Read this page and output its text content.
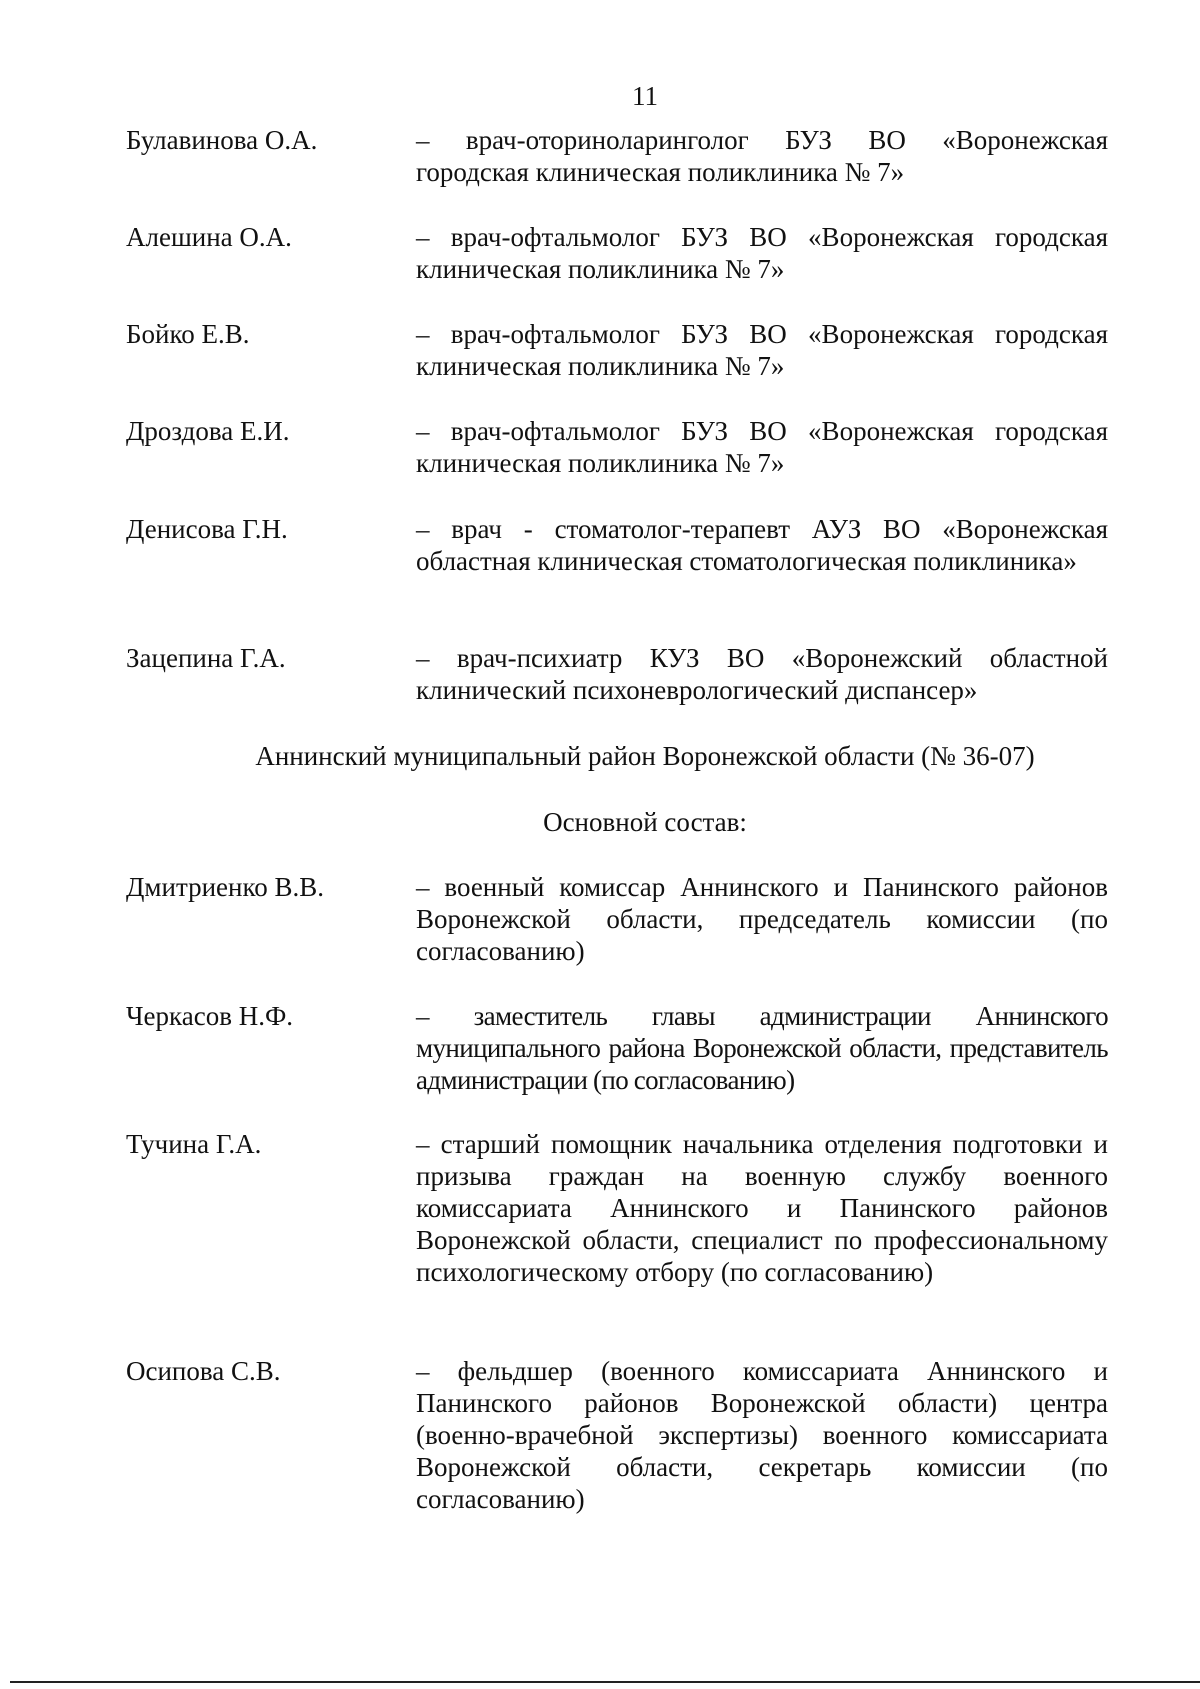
11
Булавинова О.А.	– врач-оториноларинголог БУЗ ВО «Воронежская городская клиническая поликлиника № 7»
Алешина О.А.	– врач-офтальмолог БУЗ ВО «Воронежская городская клиническая поликлиника № 7»
Бойко Е.В.	– врач-офтальмолог БУЗ ВО «Воронежская городская клиническая поликлиника № 7»
Дроздова Е.И.	– врач-офтальмолог БУЗ ВО «Воронежская городская клиническая поликлиника № 7»
Денисова Г.Н.	– врач - стоматолог-терапевт АУЗ ВО «Воронежская областная клиническая стоматологическая поликлиника»
Зацепина Г.А.	– врач-психиатр КУЗ ВО «Воронежский областной клинический психоневрологический диспансер»
Аннинский муниципальный район Воронежской области (№ 36-07)
Основной состав:
Дмитриенко В.В.	– военный комиссар Аннинского и Панинского районов Воронежской области, председатель комиссии (по согласованию)
Черкасов Н.Ф.	– заместитель главы администрации Аннинского муниципального района Воронежской области, представитель администрации (по согласованию)
Тучина Г.А.	– старший помощник начальника отделения подготовки и призыва граждан на военную службу военного комиссариата Аннинского и Панинского районов Воронежской области, специалист по профессиональному психологическому отбору (по согласованию)
Осипова С.В.	– фельдшер (военного комиссариата Аннинского и Панинского районов Воронежской области) центра (военно-врачебной экспертизы) военного комиссариата Воронежской области, секретарь комиссии (по согласованию)
